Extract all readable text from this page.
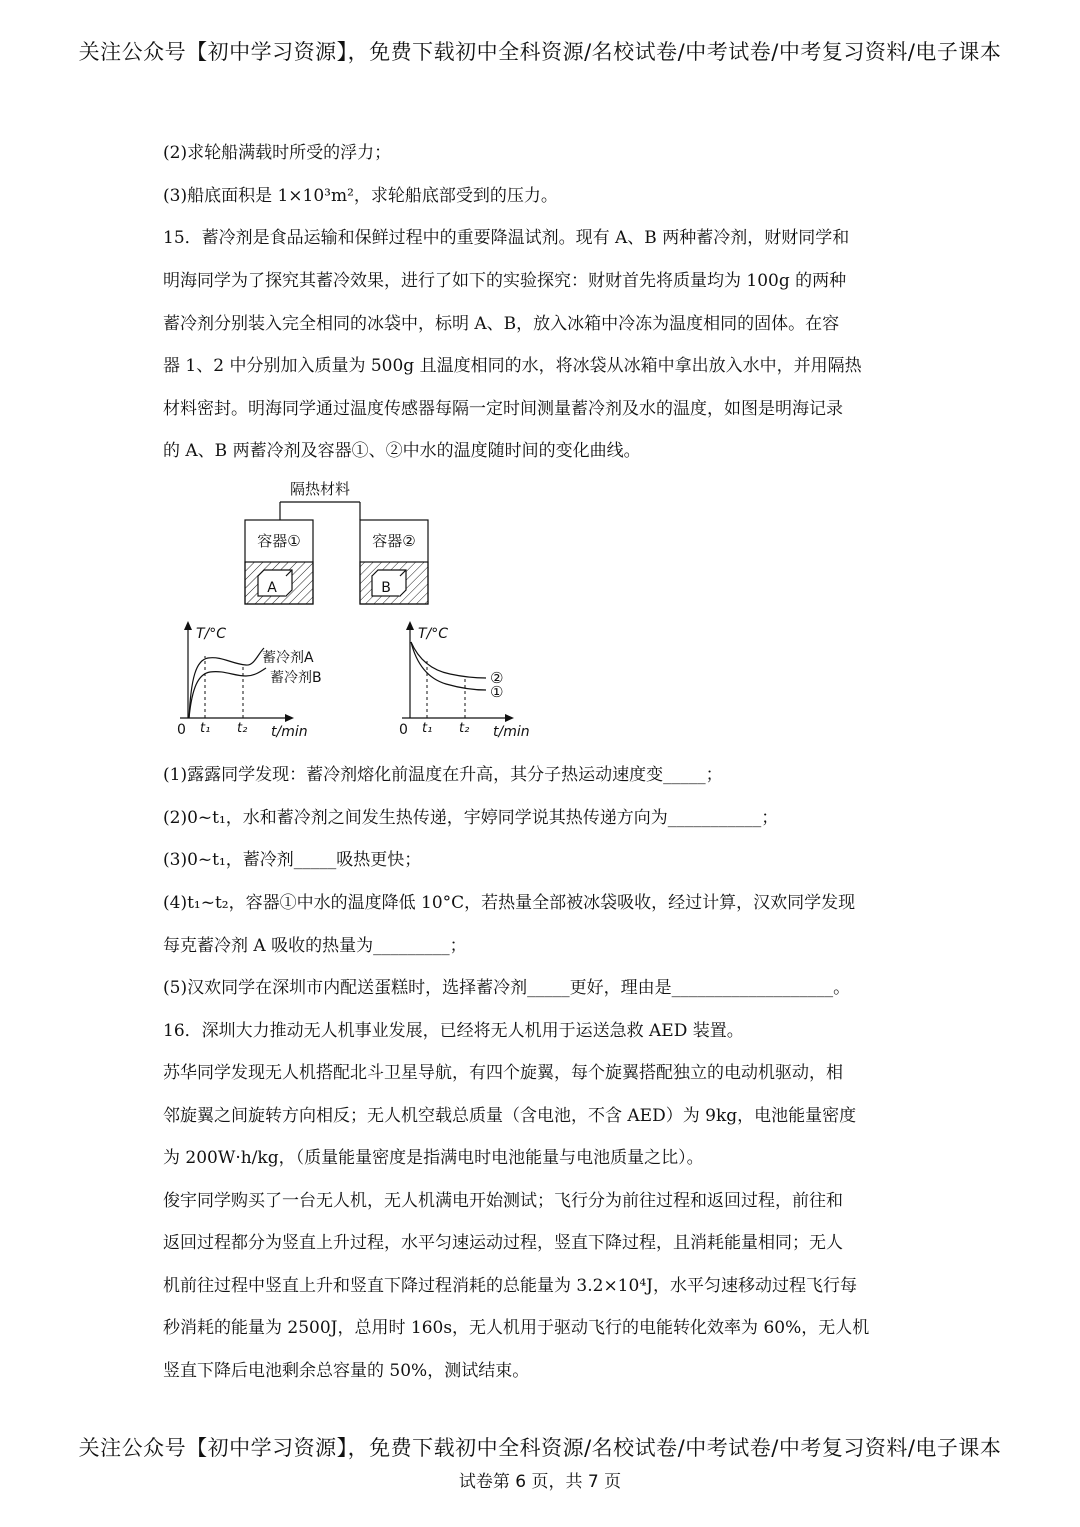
关注公众号【初中学习资源】，免费下载初中全科资源/名校试卷/中考试卷/中考复习资料/电子课本
(2)求轮船满载时所受的浮力；
(3)船底面积是 1×10³m²，求轮船底部受到的压力。
15．蓄冷剂是食品运输和保鲜过程中的重要降温试剂。现有 A、B 两种蓄冷剂，财财同学和
明海同学为了探究其蓄冷效果，进行了如下的实验探究：财财首先将质量均为 100g 的两种
蓄冷剂分别装入完全相同的冰袋中，标明 A、B，放入冰箱中冷冻为温度相同的固体。在容
器 1、2 中分别加入质量为 500g 且温度相同的水，将冰袋从冰箱中拿出放入水中，并用隔热
材料密封。明海同学通过温度传感器每隔一定时间测量蓄冷剂及水的温度，如图是明海记录
的 A、B 两蓄冷剂及容器①、②中水的温度随时间的变化曲线。
隔热材料
容器①
A
容器②
B
T/°C
0 t₁ t₂ t/min
蓄冷剂A
蓄冷剂B
T/°C
0 t₁ t₂ t/min
②
①
(1)露露同学发现：蓄冷剂熔化前温度在升高，其分子热运动速度变_____；
(2)0~t₁，水和蓄冷剂之间发生热传递，宇婷同学说其热传递方向为___________；
(3)0~t₁，蓄冷剂_____吸热更快；
(4)t₁~t₂，容器①中水的温度降低 10°C，若热量全部被冰袋吸收，经过计算，汉欢同学发现
每克蓄冷剂 A 吸收的热量为_________；
(5)汉欢同学在深圳市内配送蛋糕时，选择蓄冷剂_____更好，理由是___________________。
16．深圳大力推动无人机事业发展，已经将无人机用于运送急救 AED 装置。
苏华同学发现无人机搭配北斗卫星导航，有四个旋翼，每个旋翼搭配独立的电动机驱动，相
邻旋翼之间旋转方向相反；无人机空载总质量（含电池，不含 AED）为 9kg，电池能量密度
为 200W·h/kg，（质量能量密度是指满电时电池能量与电池质量之比）。
俊宇同学购买了一台无人机，无人机满电开始测试；飞行分为前往过程和返回过程，前往和
返回过程都分为竖直上升过程，水平匀速运动过程，竖直下降过程，且消耗能量相同；无人
机前往过程中竖直上升和竖直下降过程消耗的总能量为 3.2×10⁴J，水平匀速移动过程飞行每
秒消耗的能量为 2500J，总用时 160s，无人机用于驱动飞行的电能转化效率为 60%，无人机
竖直下降后电池剩余总容量的 50%，测试结束。
关注公众号【初中学习资源】，免费下载初中全科资源/名校试卷/中考试卷/中考复习资料/电子课本
试卷第 6 页，共 7 页
